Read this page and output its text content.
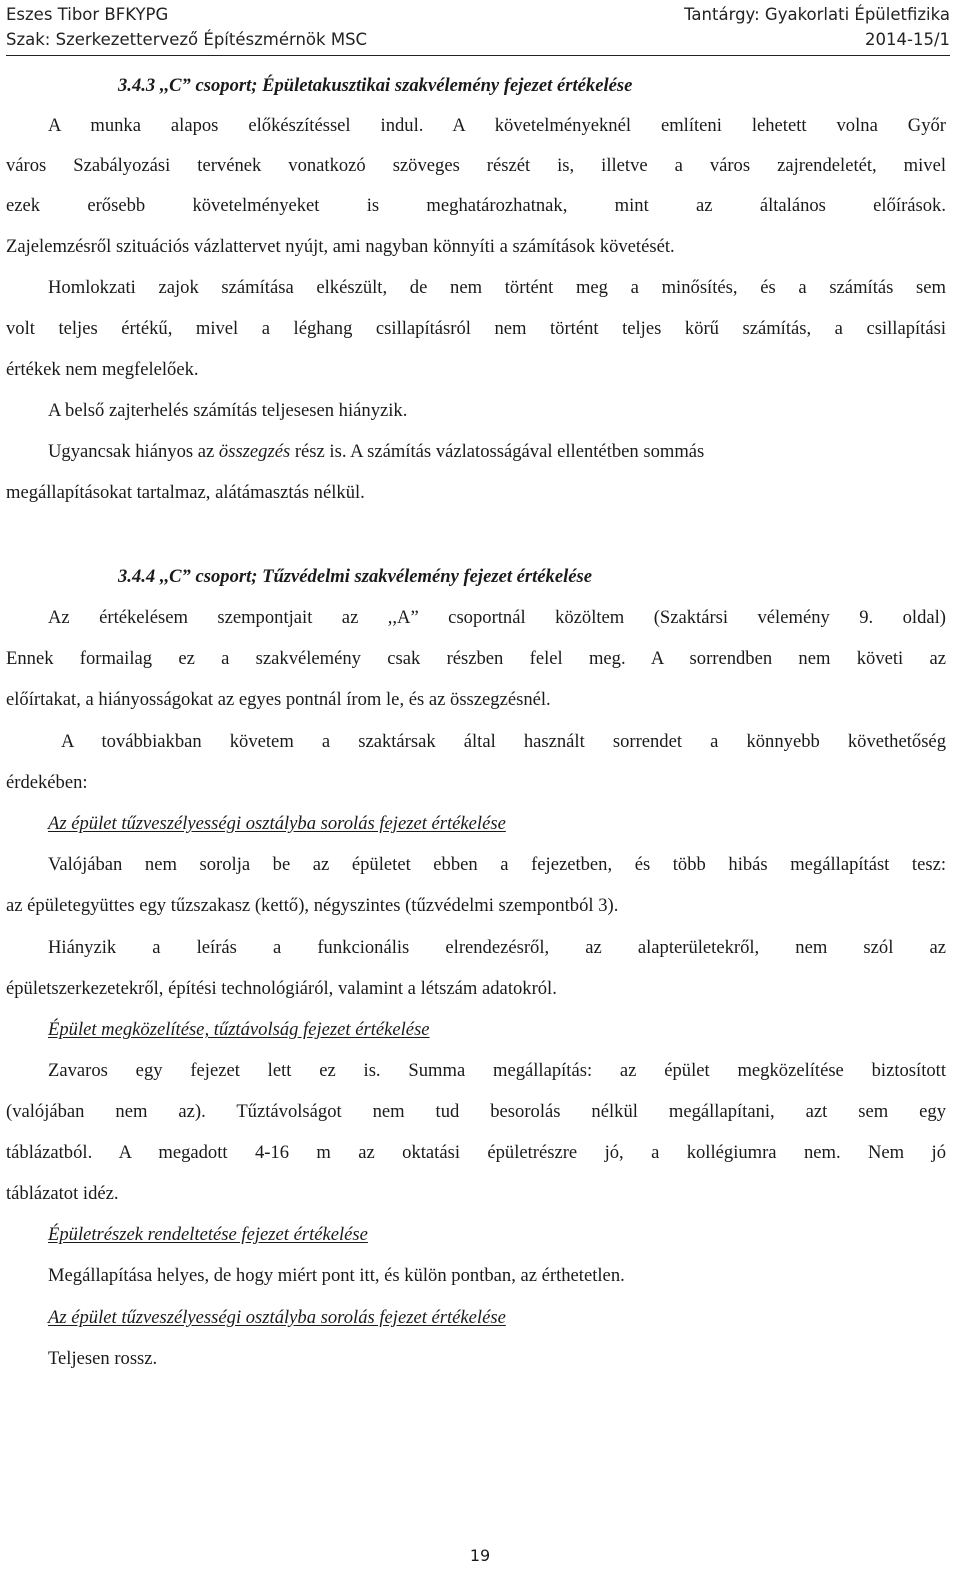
Eszes Tibor BFKYPG	Tantárgy: Gyakorlati Épületfizika
Szak: Szerkezettervező Építészmérnök MSC	2014-15/1
3.4.3 ,,C” csoport; Épületakusztikai szakvélemény fejezet értékelése
A munka alapos előkészítéssel indul. A követelményeknél említeni lehetett volna Győr
város Szabályozási tervének vonatkozó szöveges részét is, illetve a város zajrendeletét, mivel
ezek erősebb követelményeket is meghatározhatnak, mint az általános előírások.
Zajelemzésről szituációs vázlattervet nyújt, ami nagyban könnyíti a számítások követését.
Homlokzati zajok számítása elkészült, de nem történt meg a minősítés, és a számítás sem
volt teljes értékű, mivel a léghang csillapításról nem történt teljes körű számítás, a csillapítási
értékek nem megfelelőek.
A belső zajterhelés számítás teljesesen hiányzik.
Ugyancsak hiányos az összegzés rész is. A számítás vázlatosságával ellentétben sommás
megállapításokat tartalmaz, alátámasztás nélkül.
3.4.4 ,,C” csoport; Tűzvédelmi szakvélemény fejezet értékelése
Az értékelésem szempontjait az ,,A” csoportnál közöltem (Szaktársi vélemény 9. oldal)
Ennek formailag ez a szakvélemény csak részben felel meg. A sorrendben nem követi az
előírtakat, a hiányosságokat az egyes pontnál írom le, és az összegzésnél.
A továbbiakban követem a szaktársak által használt sorrendet a könnyebb követhetőség
érdekében:
Az épület tűzveszélyességi osztályba sorolás fejezet értékelése
Valójában nem sorolja be az épületet ebben a fejezetben, és több hibás megállapítást tesz:
az épületegyüttes egy tűzszakasz (kettő), négyszintes (tűzvédelmi szempontból 3).
Hiányzik a leírás a funkcionális elrendezésről, az alapterületekről, nem szól az
épületszerkezetekről, építési technológiáról, valamint a létszám adatokról.
Épület megközelítése, tűztávolság fejezet értékelése
Zavaros egy fejezet lett ez is. Summa megállapítás: az épület megközelítése biztosított
(valójában nem az). Tűztávolságot nem tud besorolás nélkül megállapítani, azt sem egy
táblázatból. A megadott 4-16 m az oktatási épületrészre jó, a kollégiumra nem. Nem jó
táblázatot idéz.
Épületrészek rendeltetése fejezet értékelése
Megállapítása helyes, de hogy miért pont itt, és külön pontban, az érthetetlen.
Az épület tűzveszélyességi osztályba sorolás fejezet értékelése
Teljesen rossz.
19
